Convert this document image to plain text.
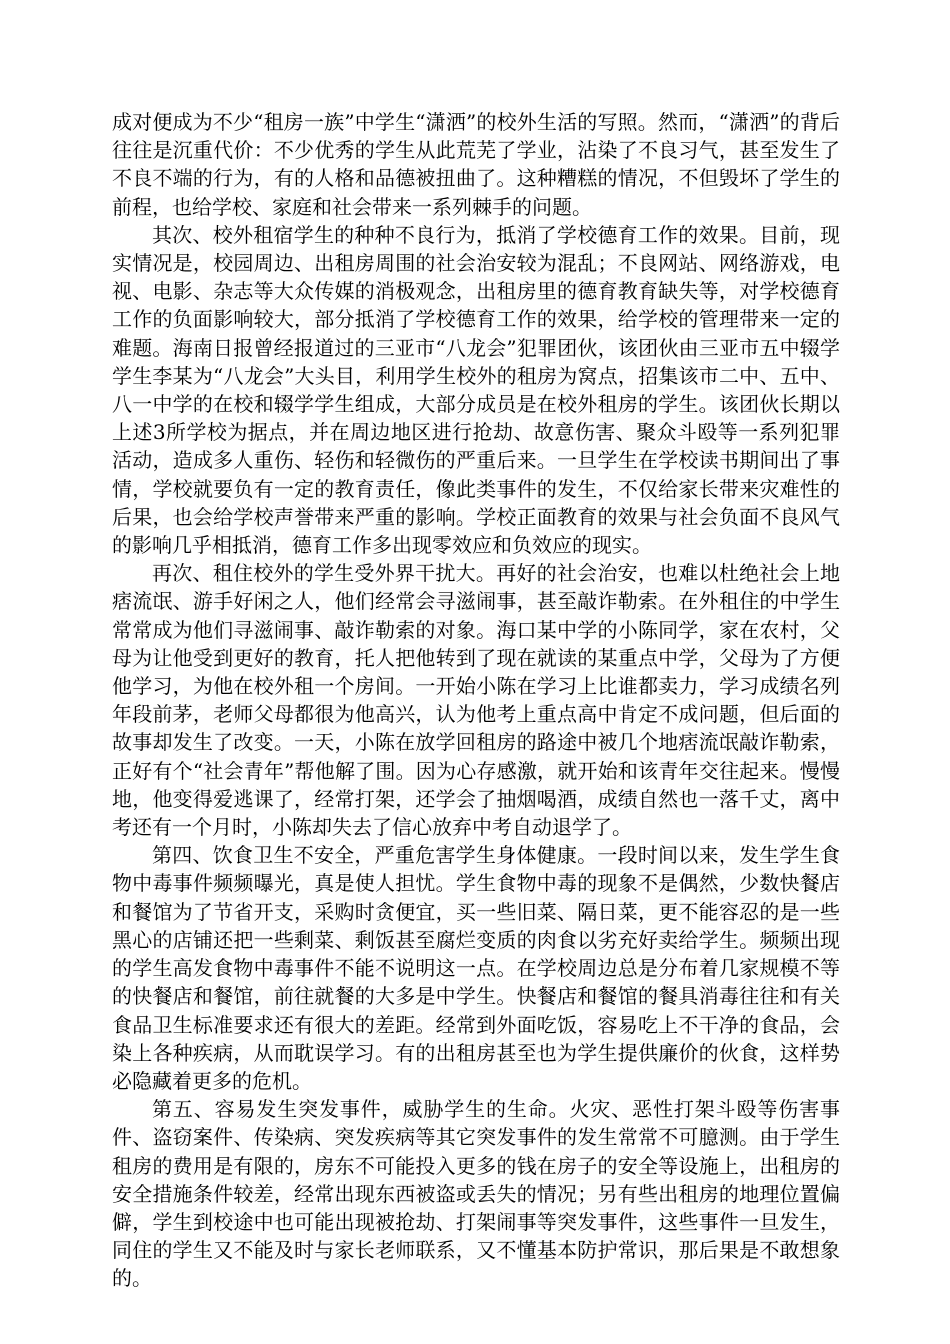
成对便成为不少“租房一族”中学生“潇洒”的校外生活的写照。然而，“潇洒”的背后往往是沉重代价：不少优秀的学生从此荒芜了学业，沾染了不良习气，甚至发生了不良不端的行为，有的人格和品德被扭曲了。这种糟糕的情况，不但毁坏了学生的前程，也给学校、家庭和社会带来一系列棘手的问题。

其次、校外租宿学生的种种不良行为，抵消了学校德育工作的效果。目前，现实情况是，校园周边、出租房周围的社会治安较为混乱；不良网站、网络游戏，电视、电影、杂志等大众传媒的消极观念，出租房里的德育教育缺失等，对学校德育工作的负面影响较大，部分抵消了学校德育工作的效果，给学校的管理带来一定的难题。海南日报曾经报道过的三亚市“八龙会”犯罪团伙，该团伙由三亚市五中辍学学生李某为“八龙会”大头目，利用学生校外的租房为窝点，招集该市二中、五中、八一中学的在校和辍学学生组成，大部分成员是在校外租房的学生。该团伙长期以上述3所学校为据点，并在周边地区进行抢劫、故意伤害、聚众斗殴等一系列犯罪活动，造成多人重伤、轻伤和轻微伤的严重后来。一旦学生在学校读书期间出了事情，学校就要负有一定的教育责任，像此类事件的发生，不仅给家长带来灾难性的后果，也会给学校声誉带来严重的影响。学校正面教育的效果与社会负面不良风气的影响几乎相抵消，德育工作多出现零效应和负效应的现实。

再次、租住校外的学生受外界干扰大。再好的社会治安，也难以杜绝社会上地痞流氓、游手好闲之人，他们经常会寻滋闹事，甚至敲诈勒索。在外租住的中学生常常成为他们寻滋闹事、敲诈勒索的对象。海口某中学的小陈同学，家在农村，父母为让他受到更好的教育，托人把他转到了现在就读的某重点中学，父母为了方便他学习，为他在校外租一个房间。一开始小陈在学习上比谁都卖力，学习成绩名列年段前茅，老师父母都很为他高兴，认为他考上重点高中肯定不成问题，但后面的故事却发生了改变。一天，小陈在放学回租房的路途中被几个地痞流氓敲诈勒索，正好有个“社会青年”帮他解了围。因为心存感激，就开始和该青年交往起来。慢慢地，他变得爱逃课了，经常打架，还学会了抽烟喝酒，成绩自然也一落千丈，离中考还有一个月时，小陈却失去了信心放弃中考自动退学了。

第四、饮食卫生不安全，严重危害学生身体健康。一段时间以来，发生学生食物中毒事件频频曝光，真是使人担忧。学生食物中毒的现象不是偶然，少数快餐店和餐馆为了节省开支，采购时贪便宜，买一些旧菜、隔日菜，更不能容忍的是一些黑心的店铺还把一些剩菜、剩饭甚至腐烂变质的肉食以劣充好卖给学生。频频出现的学生高发食物中毒事件不能不说明这一点。在学校周边总是分布着几家规模不等的快餐店和餐馆，前往就餐的大多是中学生。快餐店和餐馆的餐具消毒往往和有关食品卫生标准要求还有很大的差距。经常到外面吃饭，容易吃上不干净的食品，会染上各种疾病，从而耽误学习。有的出租房甚至也为学生提供廉价的伙食，这样势必隐藏着更多的危机。

第五、容易发生突发事件，威胁学生的生命。火灾、恶性打架斗殴等伤害事件、盗窃案件、传染病、突发疾病等其它突发事件的发生常常不可臆测。由于学生租房的费用是有限的，房东不可能投入更多的钱在房子的安全等设施上，出租房的安全措施条件较差，经常出现东西被盗或丢失的情况；另有些出租房的地理位置偏僻，学生到校途中也可能出现被抢劫、打架闹事等突发事件，这些事件一旦发生，同住的学生又不能及时与家长老师联系，又不懂基本防护常识，那后果是不敢想象的。
